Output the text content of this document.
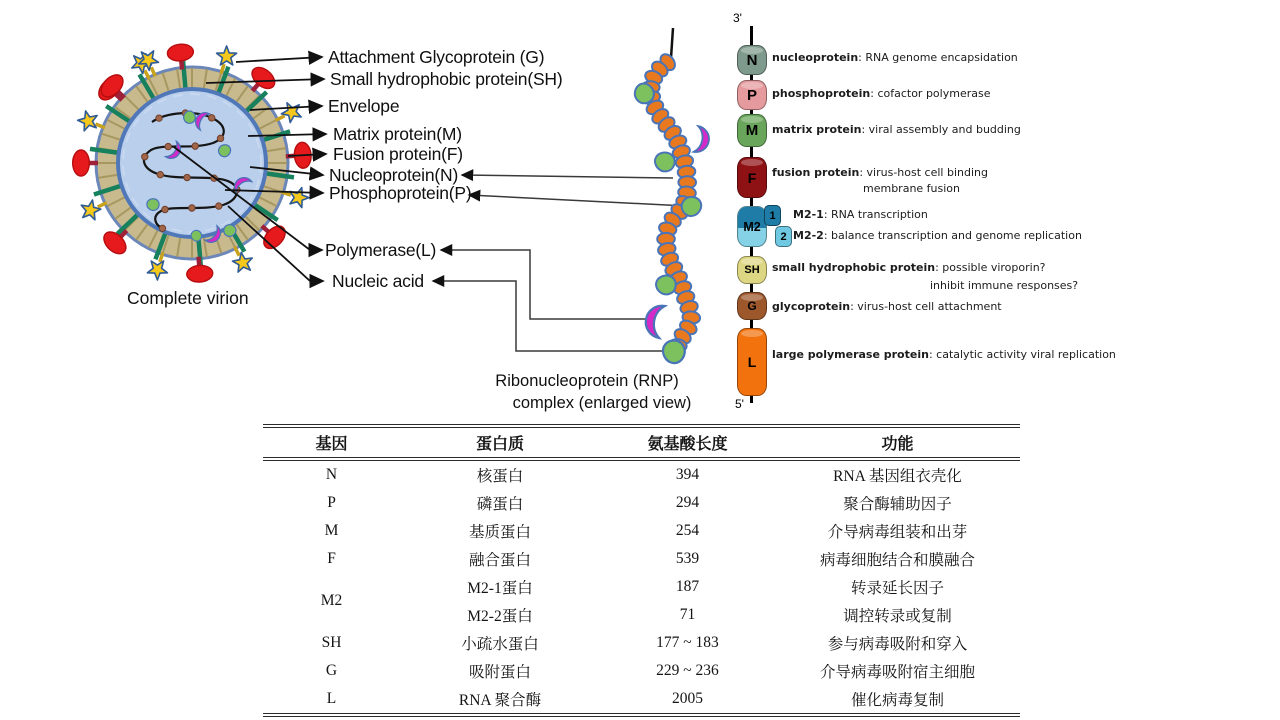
Attachment Glycoprotein (G)
Small hydrophobic protein(SH)
Envelope
Matrix protein(M)
Fusion protein(F)
Nucleoprotein(N)
Phosphoprotein(P)
Polymerase(L)
Nucleic acid
Complete virion
Ribonucleoprotein (RNP)
complex (enlarged view)
3'
5'
N
P
M
F
M2
1
2
SH
G
L
nucleoprotein: RNA genome encapsidation
phosphoprotein: cofactor polymerase
matrix protein: viral assembly and budding
fusion protein: virus-host cell binding
membrane fusion
M2-1: RNA transcription
M2-2: balance transcription and genome replication
small hydrophobic protein: possible viroporin?
inhibit immune responses?
glycoprotein: virus-host cell attachment
large polymerase protein: catalytic activity viral replication
基因	蛋白质	氨基酸长度	功能
N	核蛋白	394	RNA 基因组衣壳化
P	磷蛋白	294	聚合酶辅助因子
M	基质蛋白	254	介导病毒组装和出芽
F	融合蛋白	539	病毒细胞结合和膜融合
M2	M2-1蛋白	187	转录延长因子
	M2-2蛋白	71	调控转录或复制
SH	小疏水蛋白	177 ~ 183	参与病毒吸附和穿入
G	吸附蛋白	229 ~ 236	介导病毒吸附宿主细胞
L	RNA 聚合酶	2005	催化病毒复制
